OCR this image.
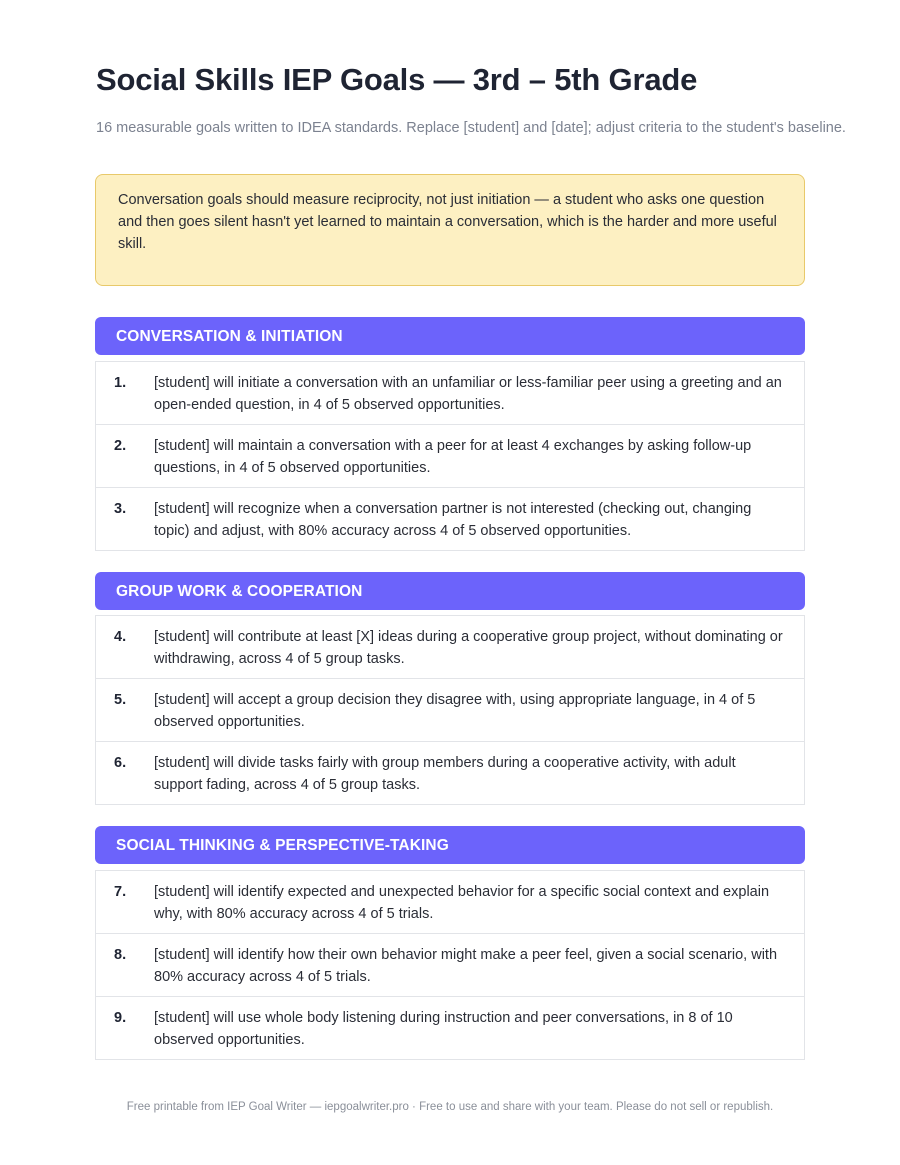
Social Skills IEP Goals — 3rd – 5th Grade
16 measurable goals written to IDEA standards. Replace [student] and [date]; adjust criteria to the student's baseline.
Conversation goals should measure reciprocity, not just initiation — a student who asks one question and then goes silent hasn't yet learned to maintain a conversation, which is the harder and more useful skill.
CONVERSATION & INITIATION
1.	[student] will initiate a conversation with an unfamiliar or less-familiar peer using a greeting and an open-ended question, in 4 of 5 observed opportunities.
2.	[student] will maintain a conversation with a peer for at least 4 exchanges by asking follow-up questions, in 4 of 5 observed opportunities.
3.	[student] will recognize when a conversation partner is not interested (checking out, changing topic) and adjust, with 80% accuracy across 4 of 5 observed opportunities.
GROUP WORK & COOPERATION
4.	[student] will contribute at least [X] ideas during a cooperative group project, without dominating or withdrawing, across 4 of 5 group tasks.
5.	[student] will accept a group decision they disagree with, using appropriate language, in 4 of 5 observed opportunities.
6.	[student] will divide tasks fairly with group members during a cooperative activity, with adult support fading, across 4 of 5 group tasks.
SOCIAL THINKING & PERSPECTIVE-TAKING
7.	[student] will identify expected and unexpected behavior for a specific social context and explain why, with 80% accuracy across 4 of 5 trials.
8.	[student] will identify how their own behavior might make a peer feel, given a social scenario, with 80% accuracy across 4 of 5 trials.
9.	[student] will use whole body listening during instruction and peer conversations, in 8 of 10 observed opportunities.
Free printable from IEP Goal Writer — iepgoalwriter.pro · Free to use and share with your team. Please do not sell or republish.
